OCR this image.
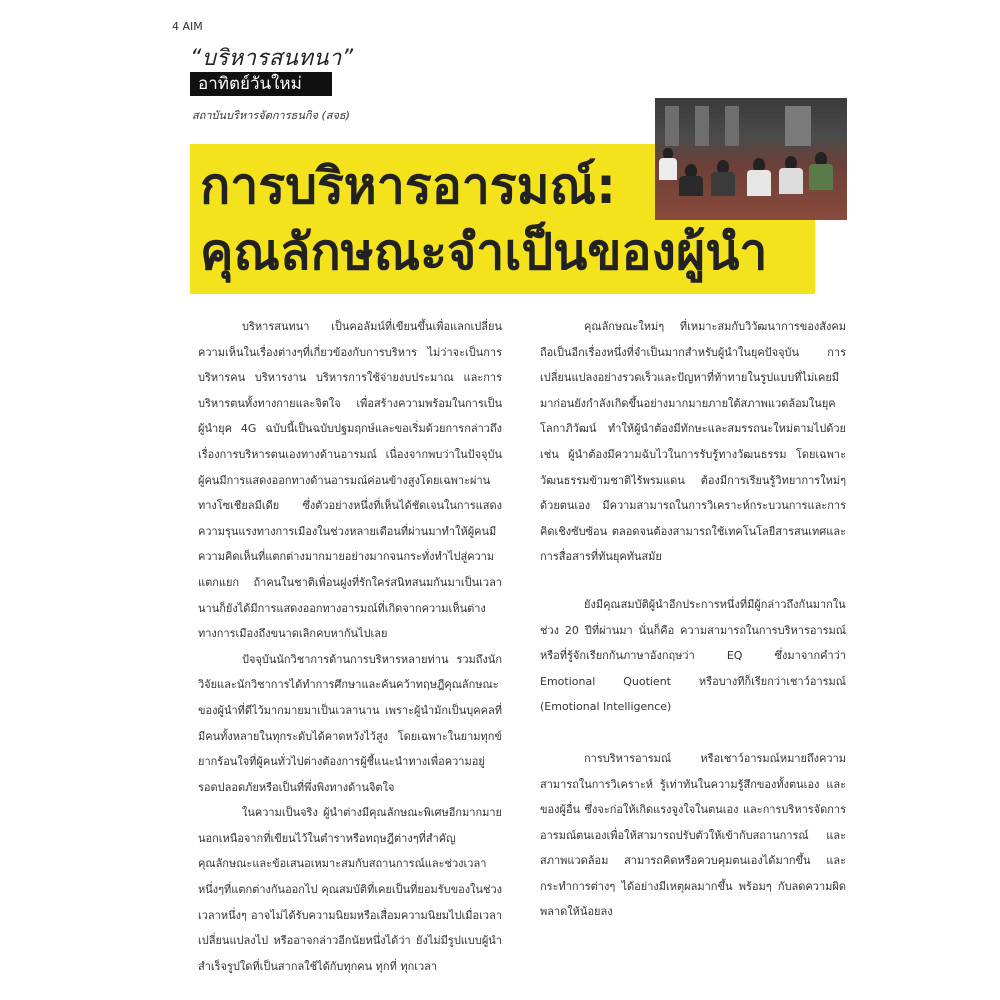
4 AIM
“บริหารสนทนา”
อาทิตย์วันใหม่
สถาบันบริหารจัดการธนกิจ (สจธ)
การบริหารอารมณ์:
คุณลักษณะจำเป็นของผู้นำ

บริหารสนทนา เป็นคอลัมน์ที่เขียนขึ้นเพื่อแลกเปลี่ยนความเห็นในเรื่องต่างๆที่เกี่ยวข้องกับการบริหาร ไม่ว่าจะเป็นการบริหารคน บริหารงาน บริหารการใช้จ่ายงบประมาณ และการบริหารตนทั้งทางกายและจิตใจ เพื่อสร้างความพร้อมในการเป็นผู้นำยุค 4G ฉบับนี้เป็นฉบับปฐมฤกษ์และขอเริ่มด้วยการกล่าวถึงเรื่องการบริหารตนเองทางด้านอารมณ์ เนื่องจากพบว่าในปัจจุบันผู้คนมีการแสดงออกทางด้านอารมณ์ค่อนข้างสูงโดยเฉพาะผ่านทางโซเชียลมีเดีย ซึ่งตัวอย่างหนึ่งที่เห็นได้ชัดเจนในการแสดงความรุนแรงทางการเมืองในช่วงหลายเดือนที่ผ่านมาทำให้ผู้คนมีความคิดเห็นที่แตกต่างมากมายอย่างมากจนกระทั่งทำไปสู่ความแตกแยก ถ้าคนในชาติเพื่อนฝูงที่รักใคร่สนิทสนมกันมาเป็นเวลานานก็ยังได้มีการแสดงออกทางอารมณ์ที่เกิดจากความเห็นต่างทางการเมืองถึงขนาดเลิกคบหากันไปเลย

ปัจจุบันนักวิชาการด้านการบริหารหลายท่าน รวมถึงนักวิจัยและนักวิชาการได้ทำการศึกษาและค้นคว้าทฤษฎีคุณลักษณะของผู้นำที่ดีไว้มากมายมาเป็นเวลานาน เพราะผู้นำมักเป็นบุคคลที่มีคนทั้งหลายในทุกระดับได้คาดหวังไว้สูง โดยเฉพาะในยามทุกข์ยากร้อนใจที่ผู้คนทั่วไปต่างต้องการผู้ชี้แนะนำทางเพื่อความอยู่รอดปลอดภัยหรือเป็นที่พึ่งพิงทางด้านจิตใจ

ในความเป็นจริง ผู้นำต่างมีคุณลักษณะพิเศษอีกมากมายนอกเหนือจากที่เขียนไว้ในตำราหรือทฤษฎีต่างๆที่สำคัญคุณลักษณะและข้อเสนอเหมาะสมกับสถานการณ์และช่วงเวลาหนึ่งๆที่แตกต่างกันออกไป คุณสมบัติที่เคยเป็นที่ยอมรับของในช่วงเวลาหนึ่งๆ อาจไม่ได้รับความนิยมหรือเสื่อมความนิยมไปเมื่อเวลาเปลี่ยนแปลงไป หรืออาจกล่าวอีกนัยหนึ่งได้ว่า ยังไม่มีรูปแบบผู้นำสำเร็จรูปใดที่เป็นสากลใช้ได้กับทุกคน ทุกที่ ทุกเวลา

คุณลักษณะใหม่ๆ ที่เหมาะสมกับวิวัฒนาการของสังคมถือเป็นอีกเรื่องหนึ่งที่จำเป็นมากสำหรับผู้นำในยุคปัจจุบัน การเปลี่ยนแปลงอย่างรวดเร็วและปัญหาที่ท้าทายในรูปแบบที่ไม่เคยมีมาก่อนยังกำลังเกิดขึ้นอย่างมากมายภายใต้สภาพแวดล้อมในยุคโลกาภิวัฒน์ ทำให้ผู้นำต้องมีทักษะและสมรรถนะใหม่ตามไปด้วย เช่น ผู้นำต้องมีความฉับไวในการรับรู้ทางวัฒนธรรม โดยเฉพาะวัฒนธรรมข้ามชาติไร้พรมแดน ต้องมีการเรียนรู้วิทยาการใหม่ๆ ด้วยตนเอง มีความสามารถในการวิเคราะห์กระบวนการและการคิดเชิงซับซ้อน ตลอดจนต้องสามารถใช้เทคโนโลยีสารสนเทศและการสื่อสารที่ทันยุคทันสมัย

ยังมีคุณสมบัติผู้นำอีกประการหนึ่งที่มีผู้กล่าวถึงกันมากในช่วง 20 ปีที่ผ่านมา นั่นก็คือ ความสามารถในการบริหารอารมณ์ หรือที่รู้จักเรียกกันภาษาอังกฤษว่า EQ ซึ่งมาจากคำว่า Emotional Quotient หรือบางทีก็เรียกว่าเชาว์อารมณ์ (Emotional Intelligence)

การบริหารอารมณ์ หรือเชาว์อารมณ์หมายถึงความสามารถในการวิเคราะห์ รู้เท่าทันในความรู้สึกของทั้งตนเอง และของผู้อื่น ซึ่งจะก่อให้เกิดแรงจูงใจในตนเอง และการบริหารจัดการอารมณ์ตนเองเพื่อให้สามารถปรับตัวให้เข้ากับสถานการณ์ และสภาพแวดล้อม สามารถคิดหรือควบคุมตนเองได้มากขึ้น และกระทำการต่างๆ ได้อย่างมีเหตุผลมากขึ้น พร้อมๆ กับลดความผิดพลาดให้น้อยลง
